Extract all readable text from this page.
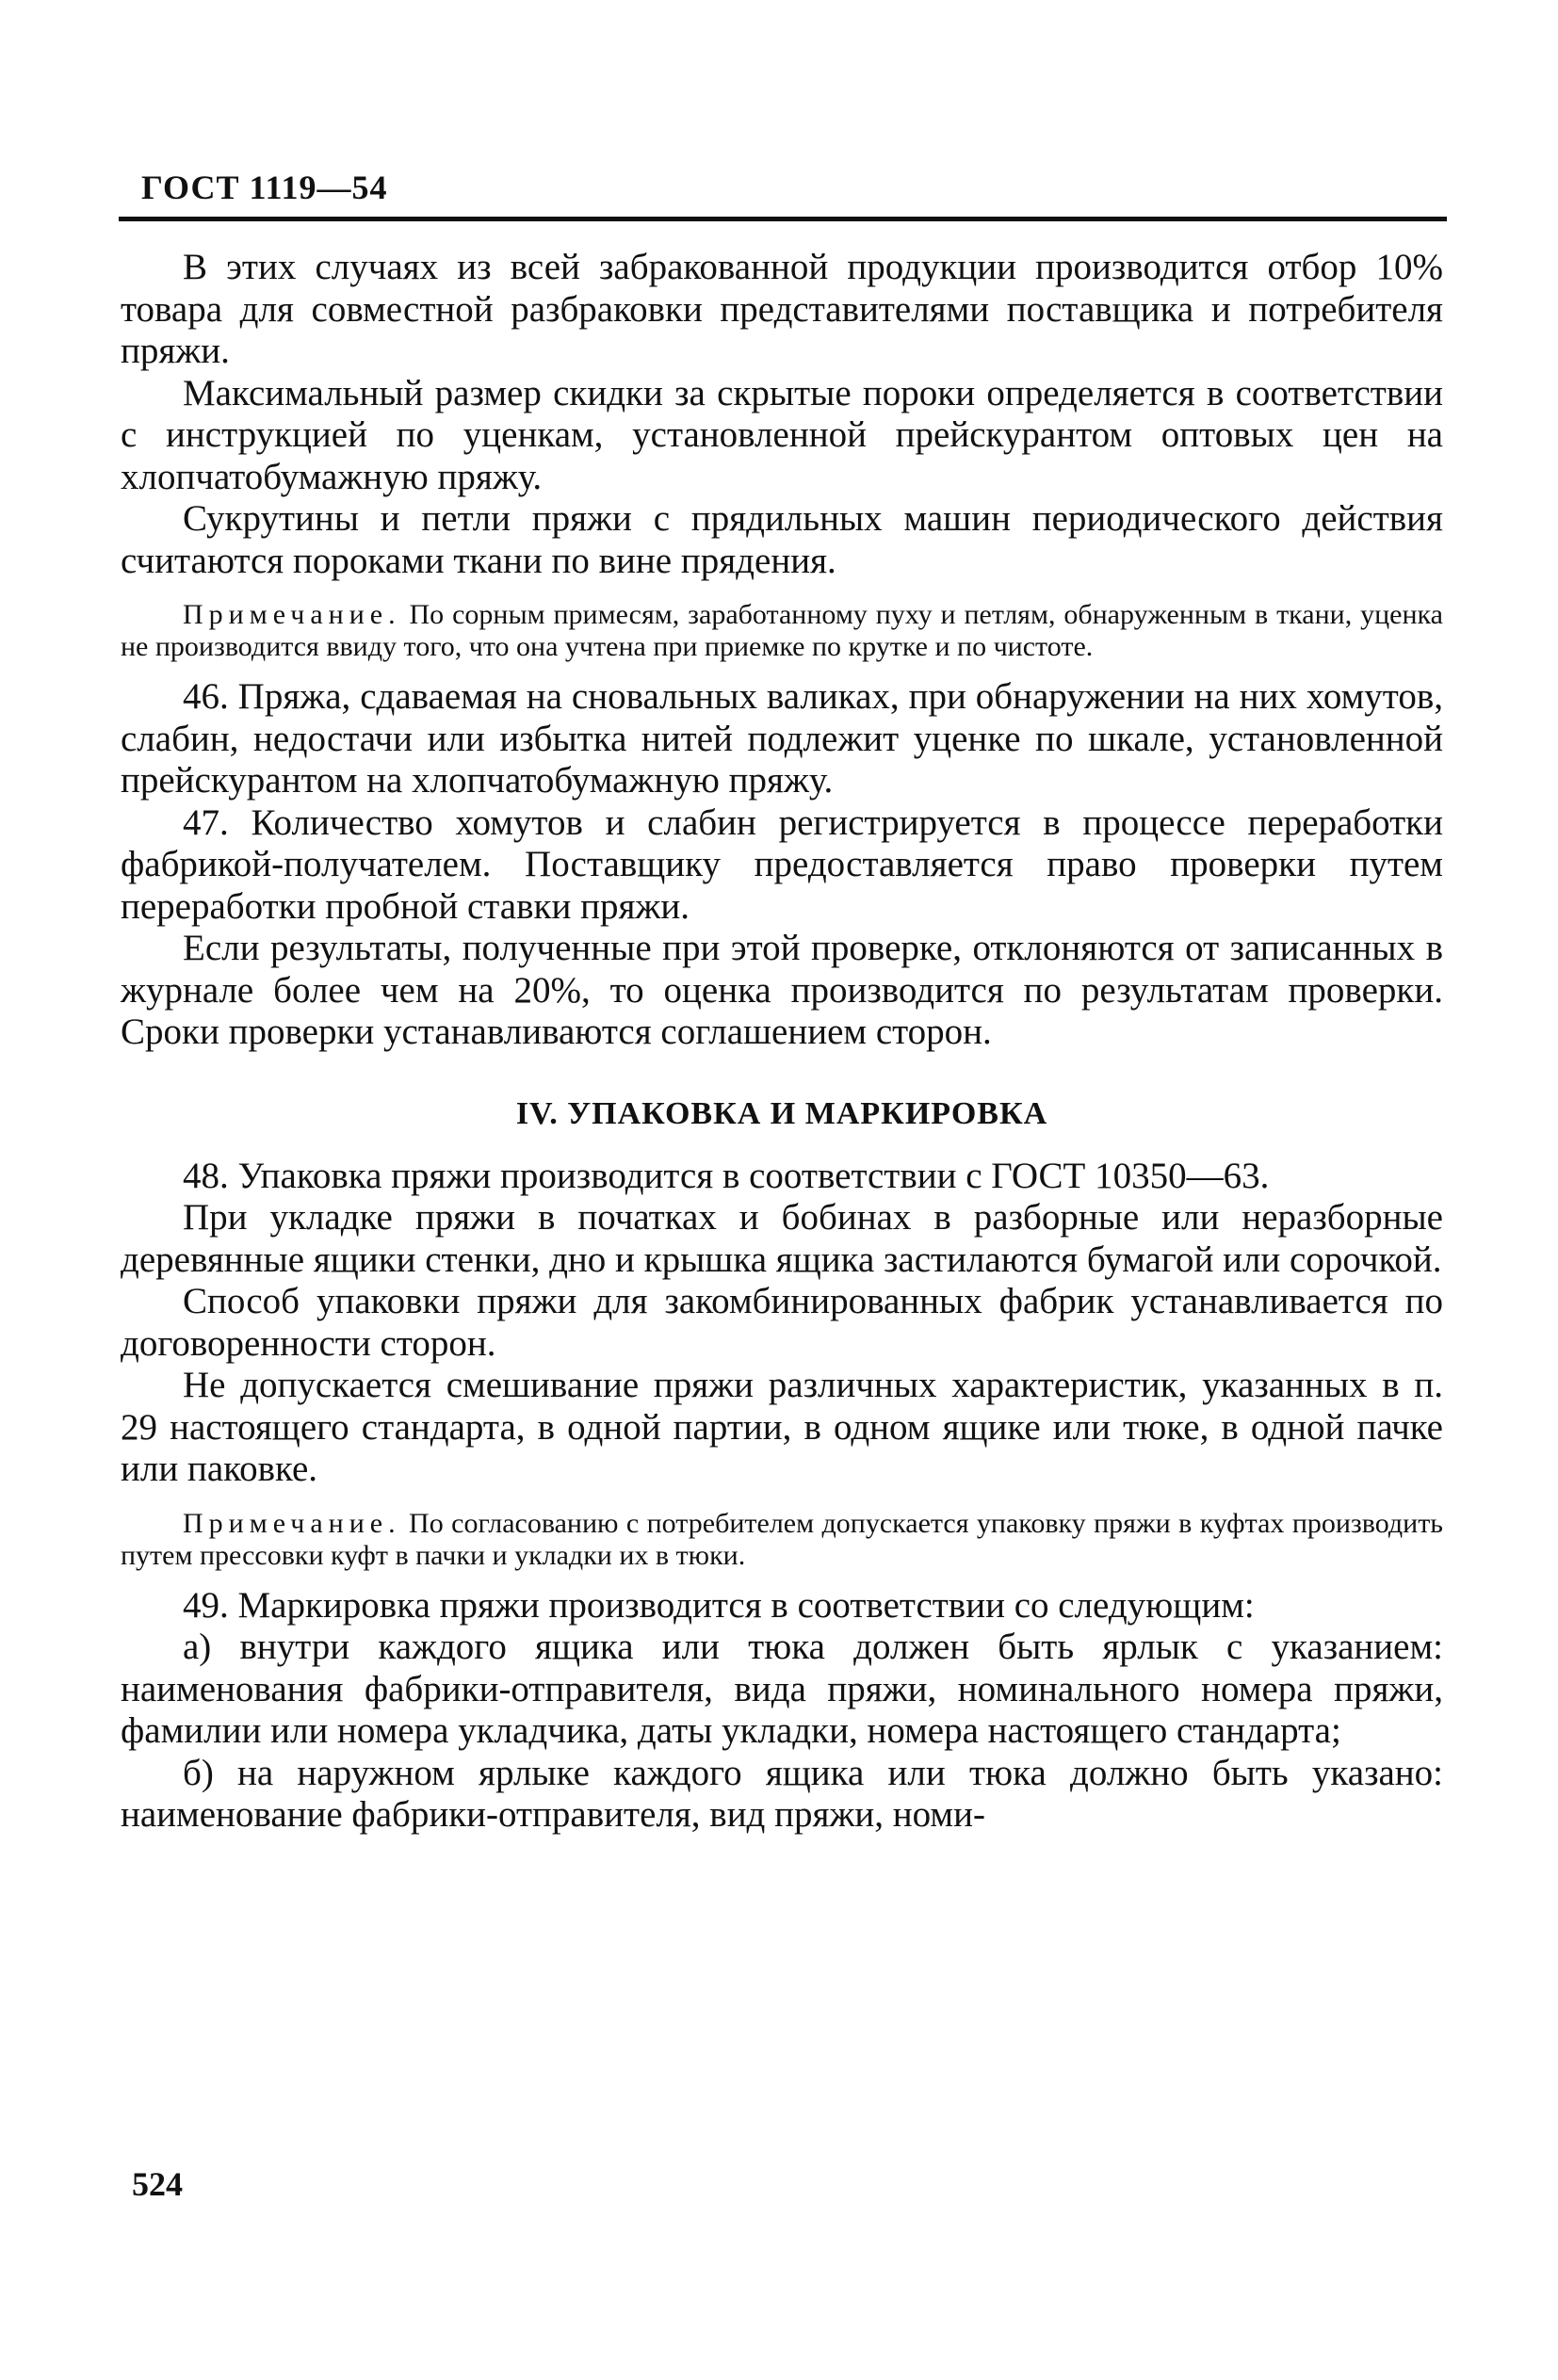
ГОСТ 1119—54

В этих случаях из всей забракованной продукции производится отбор 10% товара для совместной разбраковки представителями поставщика и потребителя пряжи.

Максимальный размер скидки за скрытые пороки определяется в соответствии с инструкцией по уценкам, установленной прейскурантом оптовых цен на хлопчатобумажную пряжу.

Сукрутины и петли пряжи с прядильных машин периодического действия считаются пороками ткани по вине прядения.

Примечание. По сорным примесям, заработанному пуху и петлям, обнаруженным в ткани, уценка не производится ввиду того, что она учтена при приемке по крутке и по чистоте.

46. Пряжа, сдаваемая на сновальных валиках, при обнаружении на них хомутов, слабин, недостачи или избытка нитей подлежит уценке по шкале, установленной прейскурантом на хлопчатобумажную пряжу.

47. Количество хомутов и слабин регистрируется в процессе переработки фабрикой-получателем. Поставщику предоставляется право проверки путем переработки пробной ставки пряжи.

Если результаты, полученные при этой проверке, отклоняются от записанных в журнале более чем на 20%, то оценка производится по результатам проверки. Сроки проверки устанавливаются соглашением сторон.

IV. УПАКОВКА И МАРКИРОВКА

48. Упаковка пряжи производится в соответствии с ГОСТ 10350—63.

При укладке пряжи в початках и бобинах в разборные или неразборные деревянные ящики стенки, дно и крышка ящика застилаются бумагой или сорочкой.

Способ упаковки пряжи для закомбинированных фабрик устанавливается по договоренности сторон.

Не допускается смешивание пряжи различных характеристик, указанных в п. 29 настоящего стандарта, в одной партии, в одном ящике или тюке, в одной пачке или паковке.

Примечание. По согласованию с потребителем допускается упаковку пряжи в куфтах производить путем прессовки куфт в пачки и укладки их в тюки.

49. Маркировка пряжи производится в соответствии со следующим:

а) внутри каждого ящика или тюка должен быть ярлык с указанием: наименования фабрики-отправителя, вида пряжи, номинального номера пряжи, фамилии или номера укладчика, даты укладки, номера настоящего стандарта;

б) на наружном ярлыке каждого ящика или тюка должно быть указано: наименование фабрики-отправителя, вид пряжи, номи-

524
